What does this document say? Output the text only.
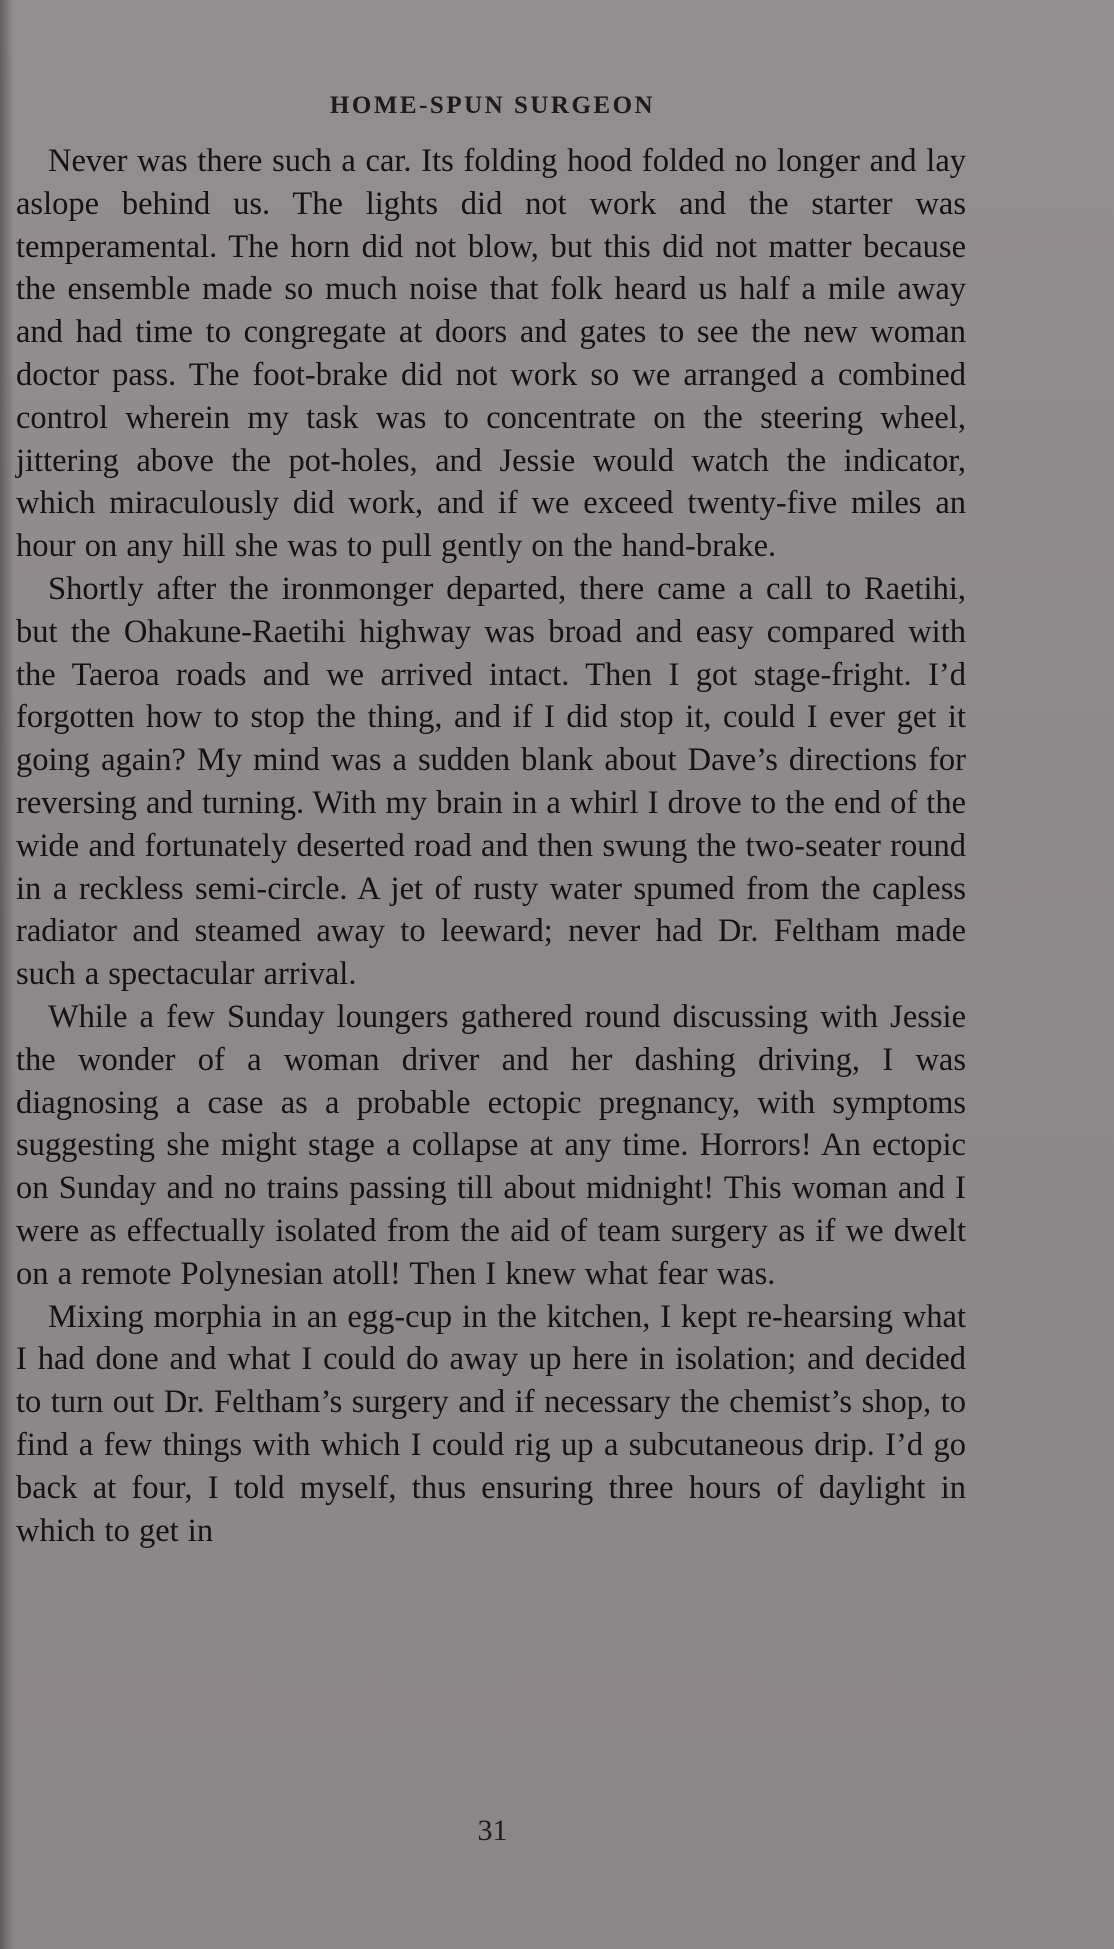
HOME-SPUN SURGEON

Never was there such a car. Its folding hood folded no longer and lay aslope behind us. The lights did not work and the starter was temperamental. The horn did not blow, but this did not matter because the ensemble made so much noise that folk heard us half a mile away and had time to congregate at doors and gates to see the new woman doctor pass. The foot-brake did not work so we arranged a combined control wherein my task was to concentrate on the steering wheel, jittering above the pot-holes, and Jessie would watch the indicator, which miraculously did work, and if we exceed twenty-five miles an hour on any hill she was to pull gently on the hand-brake.

Shortly after the ironmonger departed, there came a call to Raetihi, but the Ohakune-Raetihi highway was broad and easy compared with the Taeroa roads and we arrived intact. Then I got stage-fright. I’d forgotten how to stop the thing, and if I did stop it, could I ever get it going again? My mind was a sudden blank about Dave’s directions for reversing and turning. With my brain in a whirl I drove to the end of the wide and fortunately deserted road and then swung the two-seater round in a reckless semi-circle. A jet of rusty water spumed from the capless radiator and steamed away to leeward; never had Dr. Feltham made such a spectacular arrival.

While a few Sunday loungers gathered round discussing with Jessie the wonder of a woman driver and her dashing driving, I was diagnosing a case as a probable ectopic pregnancy, with symptoms suggesting she might stage a collapse at any time. Horrors! An ectopic on Sunday and no trains passing till about midnight! This woman and I were as effectually isolated from the aid of team surgery as if we dwelt on a remote Polynesian atoll! Then I knew what fear was.

Mixing morphia in an egg-cup in the kitchen, I kept re-hearsing what I had done and what I could do away up here in isolation; and decided to turn out Dr. Feltham’s surgery and if necessary the chemist’s shop, to find a few things with which I could rig up a subcutaneous drip. I’d go back at four, I told myself, thus ensuring three hours of daylight in which to get in

31
